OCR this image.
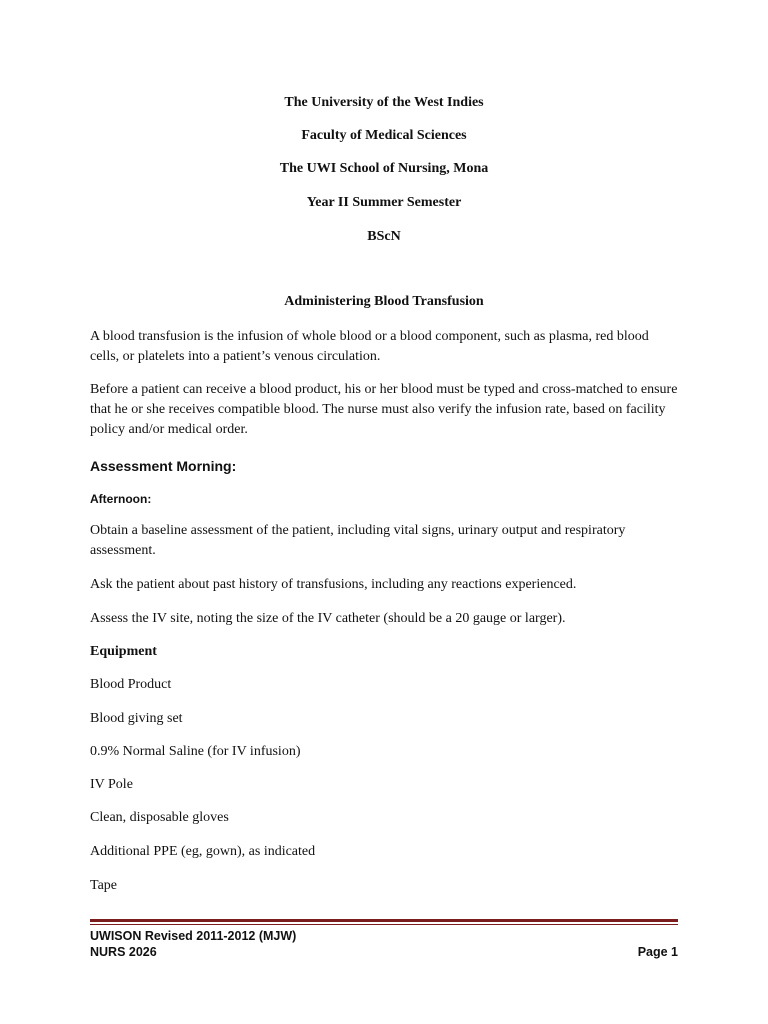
The University of the West Indies
Faculty of Medical Sciences
The UWI School of Nursing, Mona
Year II Summer Semester
BScN
Administering Blood Transfusion
A blood transfusion is the infusion of whole blood or a blood component, such as plasma, red blood cells, or platelets into a patient’s venous circulation.
Before a patient can receive a blood product, his or her blood must be typed and cross-matched to ensure that he or she receives compatible blood. The nurse must also verify the infusion rate, based on facility policy and/or medical order.
Assessment Morning:
Afternoon:
Obtain a baseline assessment of the patient, including vital signs, urinary output and respiratory assessment.
Ask the patient about past history of transfusions, including any reactions experienced.
Assess the IV site, noting the size of the IV catheter (should be a 20 gauge or larger).
Equipment
Blood Product
Blood giving set
0.9% Normal Saline (for IV infusion)
IV Pole
Clean, disposable gloves
Additional PPE (eg, gown), as indicated
Tape
UWISON Revised 2011-2012 (MJW)
NURS 2026	Page 1
